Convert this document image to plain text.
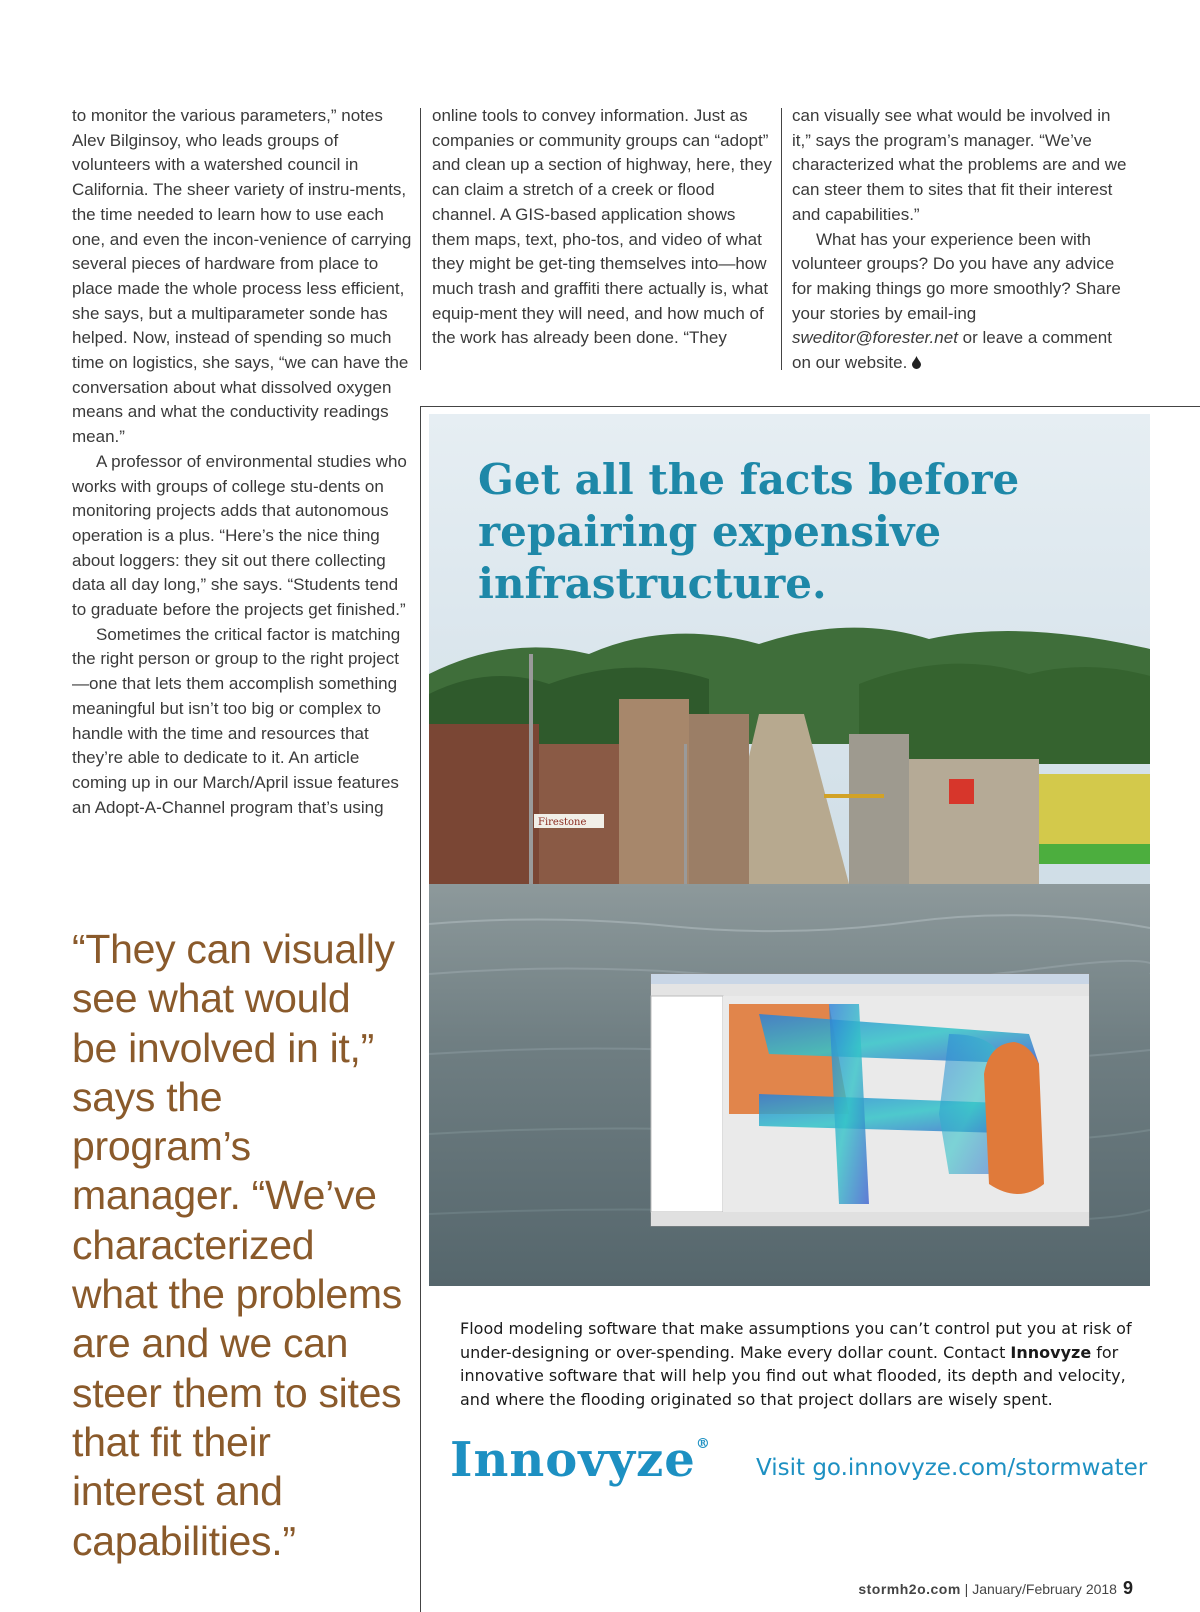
to monitor the various parameters,” notes Alev Bilginsoy, who leads groups of volunteers with a watershed council in California. The sheer variety of instru-ments, the time needed to learn how to use each one, and even the incon-venience of carrying several pieces of hardware from place to place made the whole process less efficient, she says, but a multiparameter sonde has helped. Now, instead of spending so much time on logistics, she says, “we can have the conversation about what dissolved oxygen means and what the conductivity readings mean.”

A professor of environmental studies who works with groups of college stu-dents on monitoring projects adds that autonomous operation is a plus. “Here’s the nice thing about loggers: they sit out there collecting data all day long,” she says. “Students tend to graduate before the projects get finished.”

Sometimes the critical factor is matching the right person or group to the right project—one that lets them accomplish something meaningful but isn’t too big or complex to handle with the time and resources that they’re able to dedicate to it. An article coming up in our March/April issue features an Adopt-A-Channel program that’s using

online tools to convey information. Just as companies or community groups can “adopt” and clean up a section of highway, here, they can claim a stretch of a creek or flood channel. A GIS-based application shows them maps, text, pho-tos, and video of what they might be get-ting themselves into—how much trash and graffiti there actually is, what equip-ment they will need, and how much of the work has already been done. “They

can visually see what would be involved in it,” says the program’s manager. “We’ve characterized what the problems are and we can steer them to sites that fit their interest and capabilities.”

What has your experience been with volunteer groups? Do you have any advice for making things go more smoothly? Share your stories by email-ing sweditor@forester.net or leave a comment on our website.

“They can visually see what would be involved in it,” says the program’s manager. “We’ve characterized what the problems are and we can steer them to sites that fit their interest and capabilities.”
Firestone
Get all the facts before repairing expensive infrastructure.
Flood modeling software that make assumptions you can’t control put you at risk of under-designing or over-spending. Make every dollar count. Contact Innovyze for innovative software that will help you find out what flooded, its depth and velocity, and where the flooding originated so that project dollars are wisely spent.
Innovyze®
Visit go.innovyze.com/stormwater
stormh2o.com | January/February 2018 9
